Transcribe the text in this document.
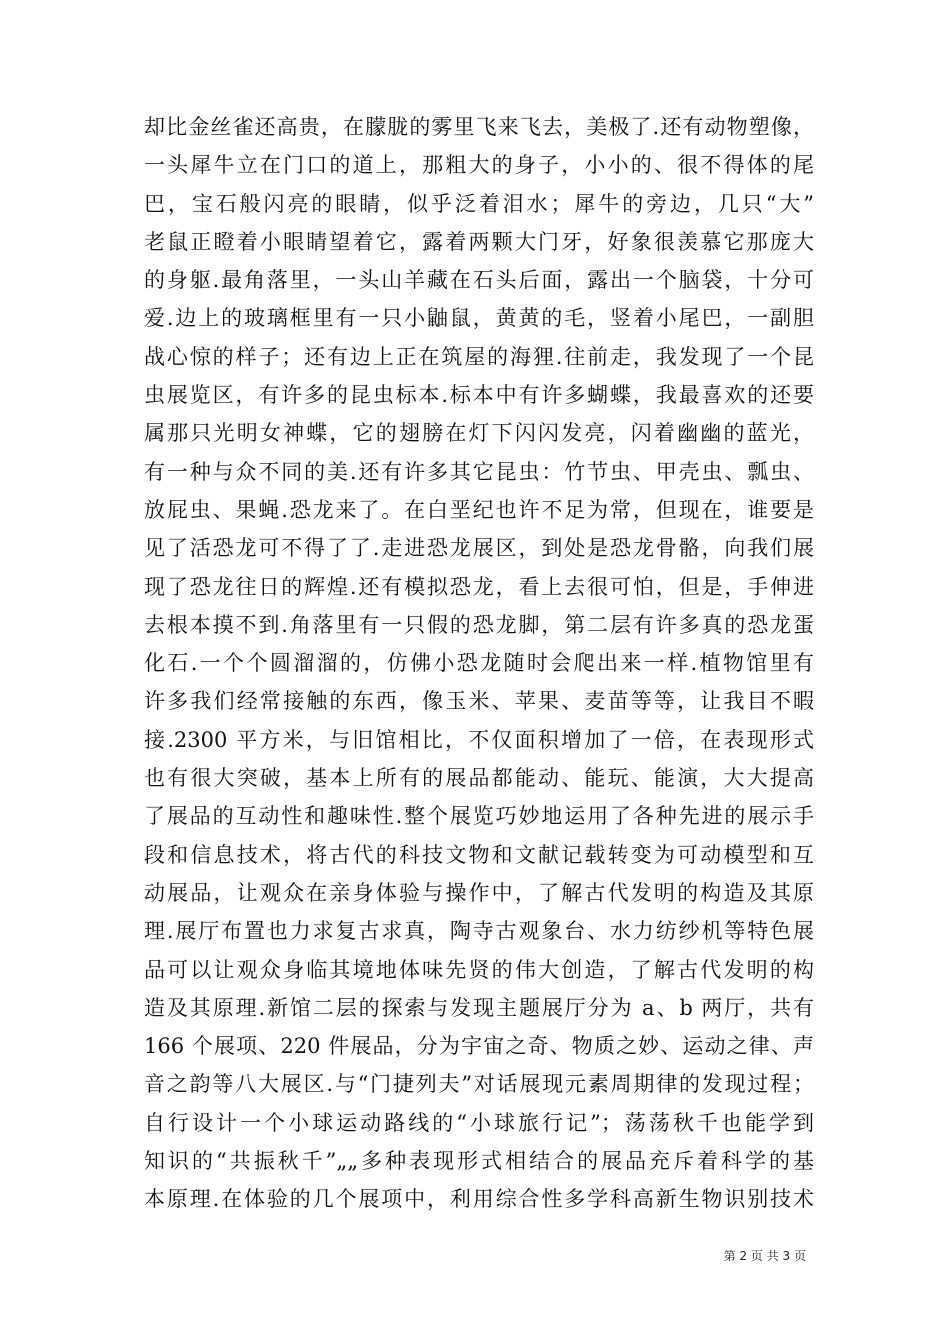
却比金丝雀还高贵，在朦胧的雾里飞来飞去，美极了.还有动物塑像，
一头犀牛立在门口的道上，那粗大的身子，小小的、很不得体的尾
巴，宝石般闪亮的眼睛，似乎泛着泪水；犀牛的旁边，几只“大”
老鼠正瞪着小眼睛望着它，露着两颗大门牙，好象很羡慕它那庞大
的身躯.最角落里，一头山羊藏在石头后面，露出一个脑袋，十分可
爱.边上的玻璃框里有一只小鼬鼠，黄黄的毛，竖着小尾巴，一副胆
战心惊的样子；还有边上正在筑屋的海狸.往前走，我发现了一个昆
虫展览区，有许多的昆虫标本.标本中有许多蝴蝶，我最喜欢的还要
属那只光明女神蝶，它的翅膀在灯下闪闪发亮，闪着幽幽的蓝光，
有一种与众不同的美.还有许多其它昆虫：竹节虫、甲壳虫、瓢虫、
放屁虫、果蝇.恐龙来了。在白垩纪也许不足为常，但现在，谁要是
见了活恐龙可不得了了.走进恐龙展区，到处是恐龙骨骼，向我们展
现了恐龙往日的辉煌.还有模拟恐龙，看上去很可怕，但是，手伸进
去根本摸不到.角落里有一只假的恐龙脚，第二层有许多真的恐龙蛋
化石.一个个圆溜溜的，仿佛小恐龙随时会爬出来一样.植物馆里有
许多我们经常接触的东西，像玉米、苹果、麦苗等等，让我目不暇
接.2300 平方米，与旧馆相比，不仅面积增加了一倍，在表现形式
也有很大突破，基本上所有的展品都能动、能玩、能演，大大提高
了展品的互动性和趣味性.整个展览巧妙地运用了各种先进的展示手
段和信息技术，将古代的科技文物和文献记载转变为可动模型和互
动展品，让观众在亲身体验与操作中，了解古代发明的构造及其原
理.展厅布置也力求复古求真，陶寺古观象台、水力纺纱机等特色展
品可以让观众身临其境地体味先贤的伟大创造，了解古代发明的构
造及其原理.新馆二层的探索与发现主题展厅分为 a、b 两厅，共有
166 个展项、220 件展品，分为宇宙之奇、物质之妙、运动之律、声
音之韵等八大展区.与“门捷列夫”对话展现元素周期律的发现过程；
自行设计一个小球运动路线的“小球旅行记”；荡荡秋千也能学到
知识的“共振秋千”„„多种表现形式相结合的展品充斥着科学的基
本原理.在体验的几个展项中，利用综合性多学科高新生物识别技术
第 2 页 共 3 页
